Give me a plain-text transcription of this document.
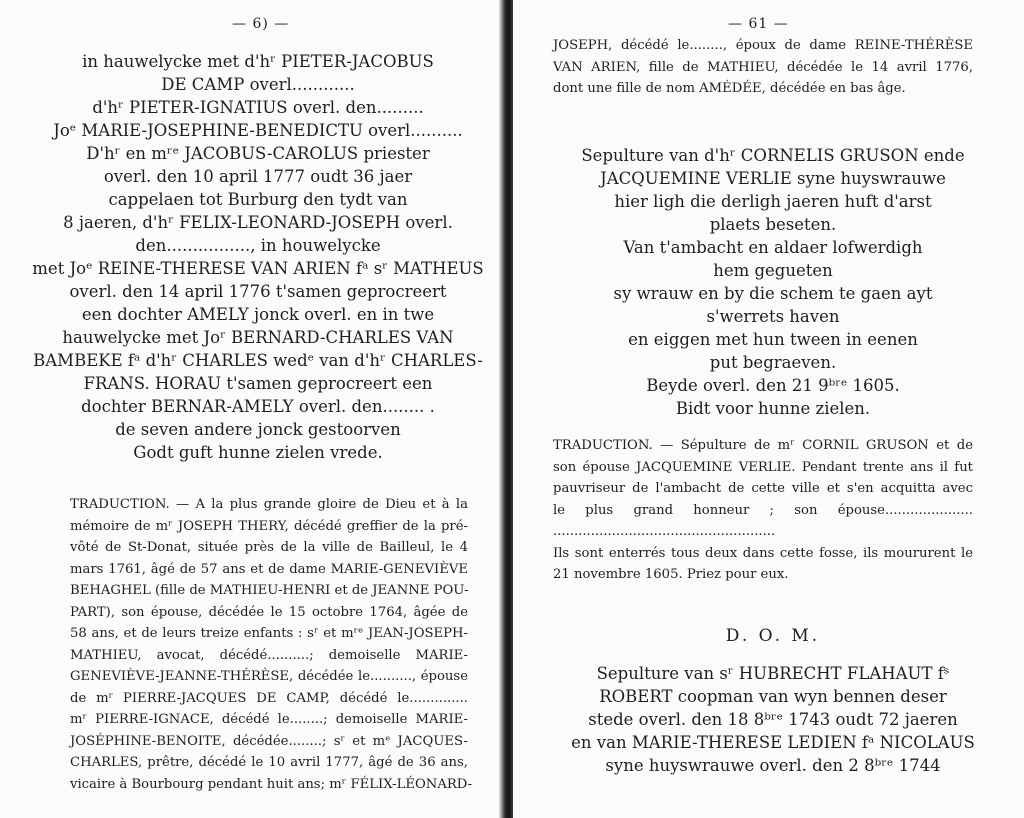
— 6) —
in hauwelycke met d'hʳ PIETER-JACOBUS
DE CAMP overl............
d'hʳ PIETER-IGNATIUS overl. den.........
Joᵉ MARIE-JOSEPHINE-BENEDICTU overl..........
D'hʳ en mʳᵉ JACOBUS-CAROLUS priester
overl. den 10 april 1777 oudt 36 jaer
cappelaen tot Burburg den tydt van
8 jaeren, d'hʳ FELIX-LEONARD-JOSEPH overl.
den................, in houwelycke
met Joᵉ REINE-THERESE VAN ARIEN fᵃ sʳ MATHEUS
overl. den 14 april 1776 t'samen geprocreert
een dochter AMELY jonck overl. en in twe
hauwelycke met Joʳ BERNARD-CHARLES VAN
BAMBEKE fᵃ d'hʳ CHARLES wedᵉ van d'hʳ CHARLES-
FRANS. HORAU t'samen geprocreert een
dochter BERNAR-AMELY overl. den........ .
de seven andere jonck gestoorven
Godt guft hunne zielen vrede.
TRADUCTION. — A la plus grande gloire de Dieu et à la
mémoire de mʳ JOSEPH THERY, décédé greffier de la pré-
vôté de St-Donat, située près de la ville de Bailleul, le 4
mars 1761, âgé de 57 ans et de dame MARIE-GENEVIÈVE
BEHAGHEL (fille de MATHIEU-HENRI et de JEANNE POU-
PART), son épouse, décédée le 15 octobre 1764, âgée de
58 ans, et de leurs treize enfants : sʳ et mʳᵉ JEAN-JOSEPH-
MATHIEU, avocat, décédé..........; demoiselle MARIE-
GENEVIÈVE-JEANNE-THÉRÈSE, décédée le.........., épouse
de mʳ PIERRE-JACQUES DE CAMP, décédé le..............
mʳ PIERRE-IGNACE, décédé le........; demoiselle MARIE-
JOSÉPHINE-BENOITE, décédée........; sʳ et mᵉ JACQUES-
CHARLES, prêtre, décédé le 10 avril 1777, âgé de 36 ans,
vicaire à Bourbourg pendant huit ans; mʳ FÉLIX-LÉONARD-
— 61 —
JOSEPH, décédé le........, époux de dame REINE-THÉRÈSE
VAN ARIEN, fille de MATHIEU, décédée le 14 avril 1776,
dont une fille de nom AMÉDÉE, décédée en bas âge.
Sepulture van d'hʳ CORNELIS GRUSON ende
JACQUEMINE VERLIE syne huyswrauwe
hier ligh die derligh jaeren huft d'arst
plaets beseten.
Van t'ambacht en aldaer lofwerdigh
hem gegueten
sy wrauw en by die schem te gaen ayt
s'werrets haven
en eiggen met hun tween in eenen
put begraeven.
Beyde overl. den 21 9ᵇʳᵉ 1605.
Bidt voor hunne zielen.
TRADUCTION. — Sépulture de mʳ CORNIL GRUSON et de
son épouse JACQUEMINE VERLIE. Pendant trente ans il fut
pauvriseur de l'ambacht de cette ville et s'en acquitta avec
le plus grand honneur ; son épouse.....................
.....................................................
Ils sont enterrés tous deux dans cette fosse, ils moururent le
21 novembre 1605. Priez pour eux.
D. O. M.
Sepulture van sʳ HUBRECHT FLAHAUT fˢ
ROBERT coopman van wyn bennen deser
stede overl. den 18 8ᵇʳᵉ 1743 oudt 72 jaeren
en van MARIE-THERESE LEDIEN fᵃ NICOLAUS
syne huyswrauwe overl. den 2 8ᵇʳᵉ 1744
